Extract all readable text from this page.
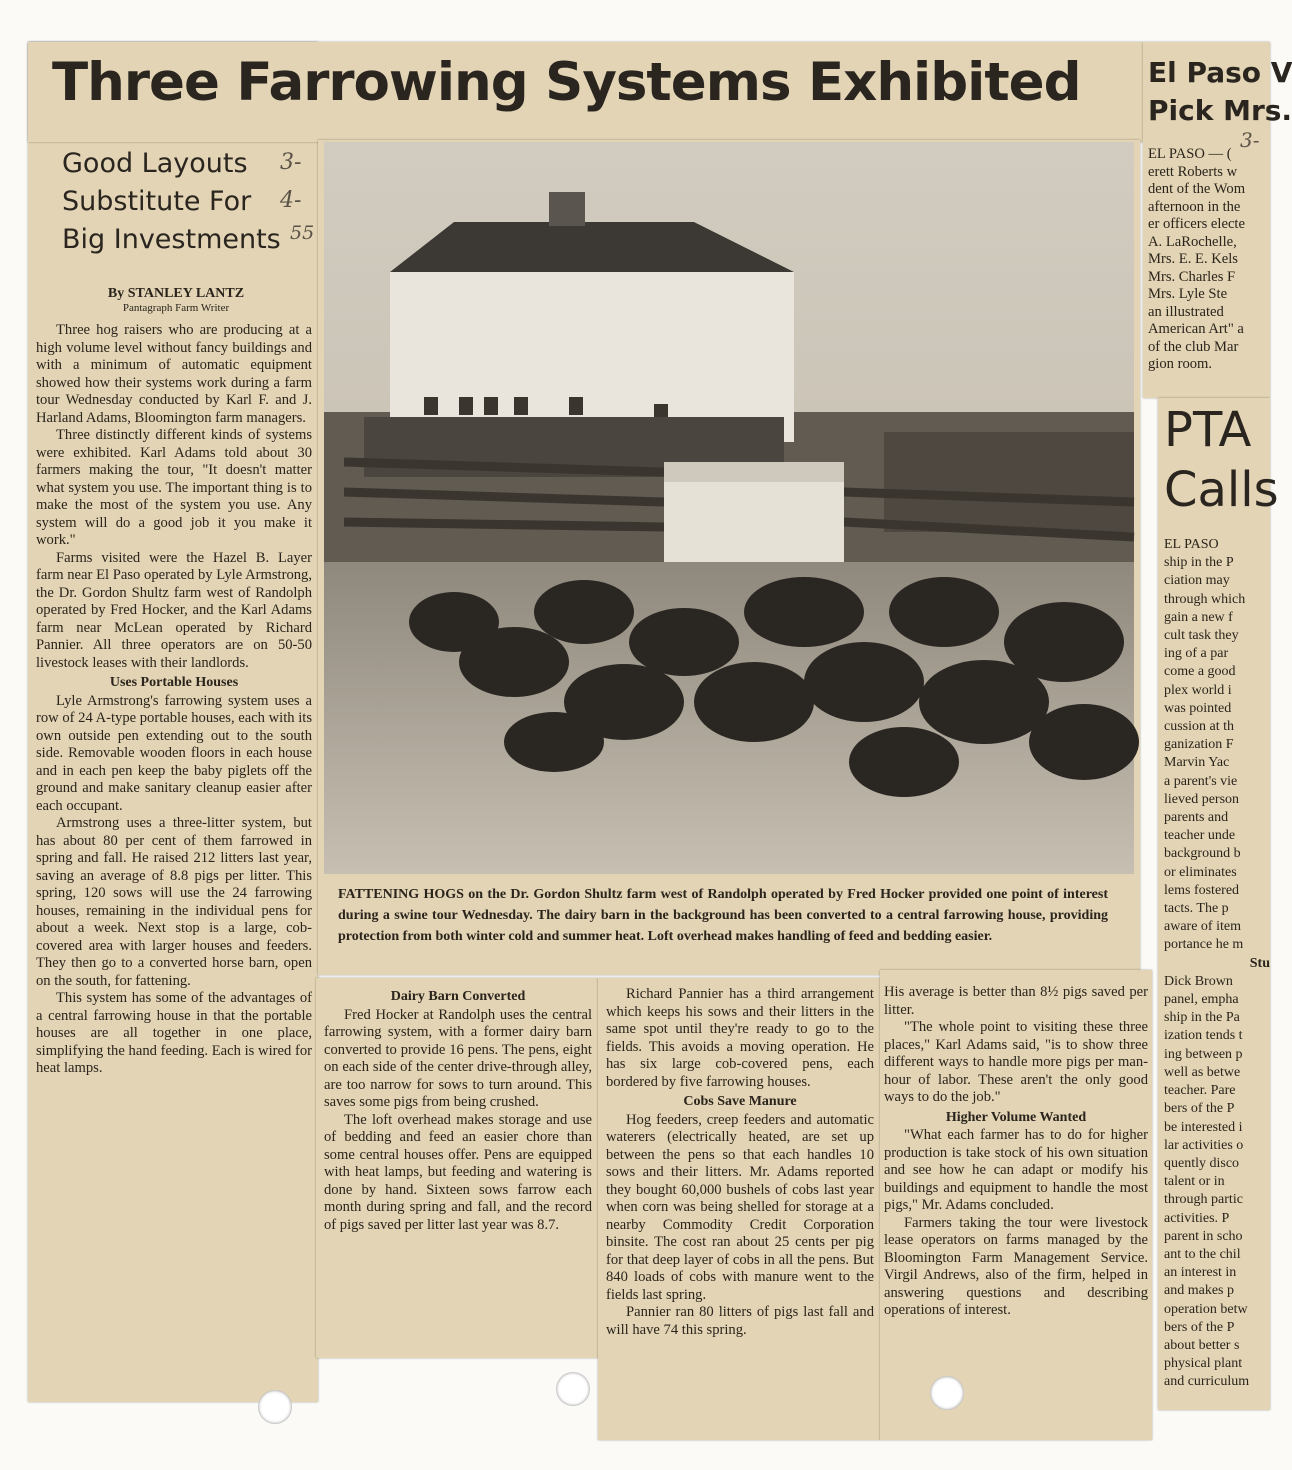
Three Farrowing Systems Exhibited
Good Layouts
Substitute For
Big Investments
3-
4-
55
By STANLEY LANTZ
Pantagraph Farm Writer

Three hog raisers who are producing at a high volume level without fancy buildings and with a minimum of automatic equipment showed how their systems work during a farm tour Wednesday conducted by Karl F. and J. Harland Adams, Bloomington farm managers.

Three distinctly different kinds of systems were exhibited. Karl Adams told about 30 farmers making the tour, "It doesn't matter what system you use. The important thing is to make the most of the system you use. Any system will do a good job it you make it work."

Farms visited were the Hazel B. Layer farm near El Paso operated by Lyle Armstrong, the Dr. Gordon Shultz farm west of Randolph operated by Fred Hocker, and the Karl Adams farm near McLean operated by Richard Pannier. All three operators are on 50-50 livestock leases with their landlords.

Uses Portable Houses

Lyle Armstrong's farrowing system uses a row of 24 A-type portable houses, each with its own outside pen extending out to the south side. Removable wooden floors in each house and in each pen keep the baby piglets off the ground and make sanitary cleanup easier after each occupant.

Armstrong uses a three-litter system, but has about 80 per cent of them farrowed in spring and fall. He raised 212 litters last year, saving an average of 8.8 pigs per litter. This spring, 120 sows will use the 24 farrowing houses, remaining in the individual pens for about a week. Next stop is a large, cob-covered area with larger houses and feeders. They then go to a converted horse barn, open on the south, for fattening.

This system has some of the advantages of a central farrowing house in that the portable houses are all together in one place, simplifying the hand feeding. Each is wired for heat lamps.

FATTENING HOGS on the Dr. Gordon Shultz farm west of Randolph operated by Fred Hocker provided one point of interest during a swine tour Wednesday. The dairy barn in the background has been converted to a central farrowing house, providing protection from both winter cold and summer heat. Loft overhead makes handling of feed and bedding easier.
Dairy Barn Converted

Fred Hocker at Randolph uses the central farrowing system, with a former dairy barn converted to provide 16 pens. The pens, eight on each side of the center drive-through alley, are too narrow for sows to turn around. This saves some pigs from being crushed.

The loft overhead makes storage and use of bedding and feed an easier chore than some central houses offer. Pens are equipped with heat lamps, but feeding and watering is done by hand. Sixteen sows farrow each month during spring and fall, and the record of pigs saved per litter last year was 8.7.

Richard Pannier has a third arrangement which keeps his sows and their litters in the same spot until they're ready to go to the fields. This avoids a moving operation. He has six large cob-covered pens, each bordered by five farrowing houses.

Cobs Save Manure

Hog feeders, creep feeders and automatic waterers (electrically heated, are set up between the pens so that each handles 10 sows and their litters. Mr. Adams reported they bought 60,000 bushels of cobs last year when corn was being shelled for storage at a nearby Commodity Credit Corporation binsite. The cost ran about 25 cents per pig for that deep layer of cobs in all the pens. But 840 loads of cobs with manure went to the fields last spring.

Pannier ran 80 litters of pigs last fall and will have 74 this spring.

His average is better than 8½ pigs saved per litter.

"The whole point to visiting these three places," Karl Adams said, "is to show three different ways to handle more pigs per man-hour of labor. These aren't the only good ways to do the job."

Higher Volume Wanted

"What each farmer has to do for higher production is take stock of his own situation and see how he can adapt or modify his buildings and equipment to handle the most pigs," Mr. Adams concluded.

Farmers taking the tour were livestock lease operators on farms managed by the Bloomington Farm Management Service. Virgil Andrews, also of the firm, helped in answering questions and describing operations of interest.

El Paso V
Pick Mrs.
3-
EL PASO — (
erett Roberts w
dent of the Wom
afternoon in the
er officers electe
A. LaRochelle,
Mrs. E. E. Kels
Mrs. Charles F
Mrs. Lyle Ste
an illustrated
American Art" a
of the club Mar
gion room.
PTA
Calls
EL PASO
ship in the P
ciation may
through which
gain a new f
cult task they
ing of a par
come a good
plex world i
was pointed
cussion at th
ganization F
Marvin Yac
a parent's vie
lieved person
parents and
teacher unde
background b
or eliminates
lems fostered
tacts. The p
aware of item
portance he m
Stu
Dick Brown
panel, empha
ship in the Pa
ization tends t
ing between p
well as betwe
teacher. Pare
bers of the P
be interested i
lar activities o
quently disco
talent or in
through partic
activities. P
parent in scho
ant to the chil
an interest in
and makes p
operation betw
bers of the P
about better s
physical plant
and curriculum
